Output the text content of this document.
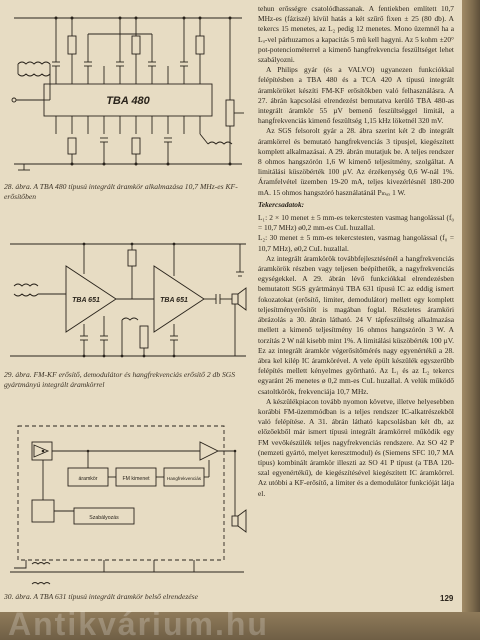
TBA 480
28. ábra. A TBA 480 típusú integrált áramkör alkalmazása 10,7 MHz-es KF-erősítőben
TBA 651	TBA 651
29. ábra. FM-KF erősítő, demodulátor és hangfrekvenciás erősítő 2 db SGS gyártmányú integrált áramkörrel
áramkör	FM kimenet	Hangfrekvenciás
Szabályozás
30. ábra. A TBA 631 típusú integrált áramkör belső elrendezése

tehun erősségre csatolódhassanak. A fentiekben említett 10,7 MHz-es (fáziszé) kívül hatás a két szűrő fixen ± 25 (80 db). A tekercs 15 menetes, az L₂ pedig 12 menetes. Mono üzemnél ha a Lᵤ-vel párhuzamos a kapacitás 5 mü kell hagyni. Az 5 kohm ±20° pot-potenciométerrel a kimenő hangfrekvencia feszültséget lehet szabályozni.

A Philips gyár (és a VALVO) ugyanezen funkciókkal felépítésben a TBA 480 és a TCA 420 A típusú integrált áramköröket készíti FM-KF erősítőkben való felhasználásra. A 27. ábrán kapcsolási elrendezést bemutatva kerülő TBA 480-as integrált áramkör 55 µV bemenő feszültséggel limitál, a hangfrekvenciás kimenő feszültség 1,15 kHz löketnél 320 mV.

Az SGS felsorolt gyár a 28. ábra szerint két 2 db integrált áramkörrel és bemutató hangfrekvenciás 3 tipusjel, kiegészített komplett alkalmazásai. A 29. ábrán mutatjuk be. A teljes rendszer 8 ohmos hangszórón 1,6 W kimenő teljesítmény, szolgáltat. A limitálási küszöbérték 100 µV. Az érzékenység 0,6 W-nál 1%. Áramfelvétel üzemben 19-20 mA, teljes kivezérlésnél 180-200 mA. 15 ohmos hangszóró használatánál Pₘₐₓ 1 W.

Tekercsadatok:

L₁: 2 × 10 menet ± 5 mm-es tekercstesten vasmag hangolással (f₀ = 10,7 MHz) ø0,2 mm-es CuL huzallal.

L₂: 30 menet ± 5 mm-es tekercstesten, vasmag hangolással (f₀ = 10,7 MHz), ø0,2 CuL huzallal.

Az integrált áramkörök továbbfejlesztésénél a hangfrekvenciás áramkörök részben vagy teljesen beépíthetők, a nagyfrekvenciás egységekkel. A 29. ábrán lévő funkciókkal elrendezésben bemutatott SGS gyártmányú TBA 631 típusú IC az eddig ismert fokozatokat (erősítő, limiter, demodulátor) mellett egy komplett teljesítményerősítőt is magában foglal. Részletes áramköri ábrázolás a 30. ábrán látható. 24 V tápfeszültség alkalmazása mellett a kimenő teljesítmény 16 ohmos hangszórón 3 W. A torzítás 2 W nál kisebb mint 1%. A limitálási küszöbérték 100 µV. Ez az integrált áramkör végerősítőmérés nagy egyenértékű a 28. ábra kel kilép IC áramkörével. A vele épült készülék egyszerűbb felépítés mellett kényelmes győrtható. Az L₁ és az L₂ tekercs egyaránt 26 menetes ø 0,2 mm-es CuL huzallal. A velük működő csatoltkörök, frekvenciája 10,7 MHz.

A készülékpiacon tovább nyomon követve, illetve helyesebben korábbi FM-üzemmódban is a teljes rendszer IC-alkatrészekből való felépítése. A 31. ábrán látható kapcsolásban két db, az előzőekből már ismert típusú integrált áramkörrel működik egy FM vevőkészülék teljes nagyfrekvenciás rendszere. Az SO 42 P (nemzeti gyártó, melyet keresztmodul) és (Siemens SFC 10,7 MA típus) kombinált áramkör illeszti az SO 41 P típust (a TBA 120-szal egyenértékű), de kiegészítésével kiegészített IC áramkörrel. Az utóbbi a KF-erősítő, a limiter és a demodulátor funkcióját látja el.

129
Antikvárium.hu
